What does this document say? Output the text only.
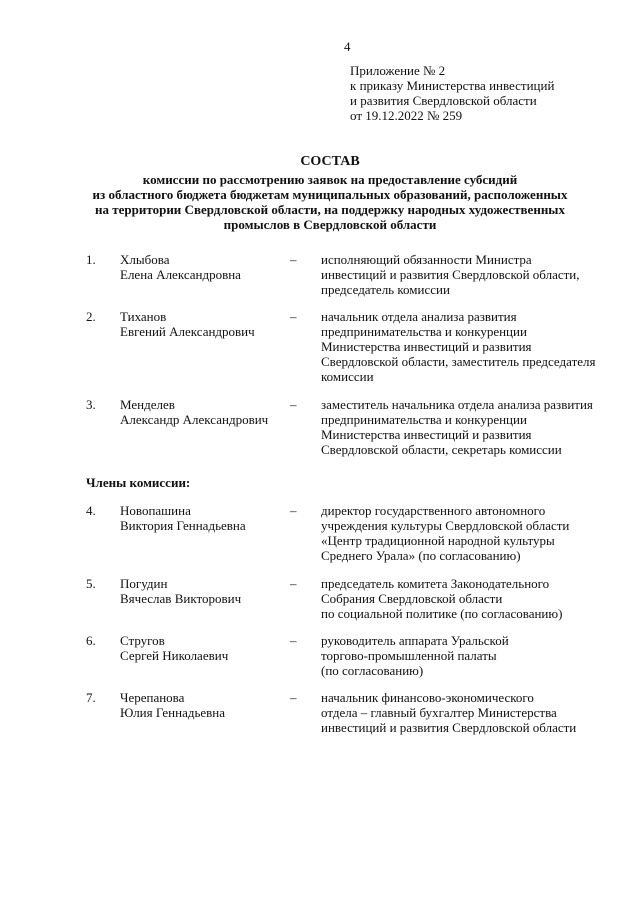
4
Приложение № 2
к приказу Министерства инвестиций
и развития Свердловской области
от 19.12.2022 № 259
СОСТАВ
комиссии по рассмотрению заявок на предоставление субсидий
из областного бюджета бюджетам муниципальных образований, расположенных
на территории Свердловской области, на поддержку народных художественных
промыслов в Свердловской области
1. Хлыбова
Елена Александровна
– исполняющий обязанности Министра
инвестиций и развития Свердловской области,
председатель комиссии
2. Тиханов
Евгений Александрович
– начальник отдела анализа развития
предпринимательства и конкуренции
Министерства инвестиций и развития
Свердловской области, заместитель председателя
комиссии
3. Менделев
Александр Александрович
– заместитель начальника отдела анализа развития
предпринимательства и конкуренции
Министерства инвестиций и развития
Свердловской области, секретарь комиссии
Члены комиссии:
4. Новопашина
Виктория Геннадьевна
– директор государственного автономного
учреждения культуры Свердловской области
«Центр традиционной народной культуры
Среднего Урала» (по согласованию)
5. Погудин
Вячеслав Викторович
– председатель комитета Законодательного
Собрания Свердловской области
по социальной политике (по согласованию)
6. Стругов
Сергей Николаевич
– руководитель аппарата Уральской
торгово-промышленной палаты
(по согласованию)
7. Черепанова
Юлия Геннадьевна
– начальник финансово-экономического
отдела – главный бухгалтер Министерства
инвестиций и развития Свердловской области
